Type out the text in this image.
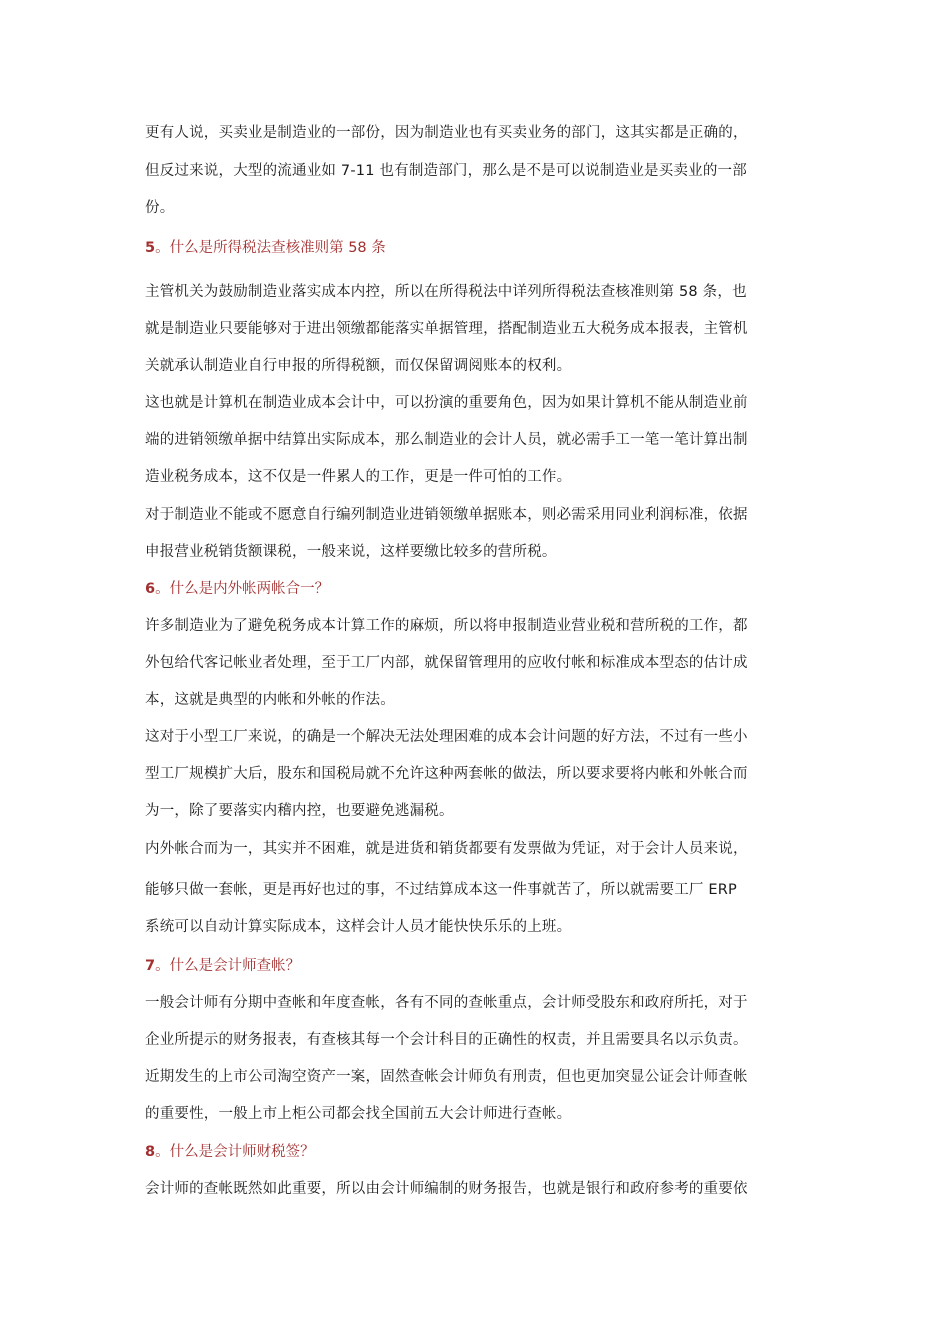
更有人说，买卖业是制造业的一部份，因为制造业也有买卖业务的部门，这其实都是正确的，
但反过来说，大型的流通业如 7-11 也有制造部门，那么是不是可以说制造业是买卖业的一部
份。

5。什么是所得税法查核准则第 58 条

主管机关为鼓励制造业落实成本内控，所以在所得税法中详列所得税法查核准则第 58 条，也
就是制造业只要能够对于进出领缴都能落实单据管理，搭配制造业五大税务成本报表，主管机
关就承认制造业自行申报的所得税额，而仅保留调阅账本的权利。

这也就是计算机在制造业成本会计中，可以扮演的重要角色，因为如果计算机不能从制造业前
端的进销领缴单据中结算出实际成本，那么制造业的会计人员，就必需手工一笔一笔计算出制
造业税务成本，这不仅是一件累人的工作，更是一件可怕的工作。

对于制造业不能或不愿意自行编列制造业进销领缴单据账本，则必需采用同业利润标准，依据
申报营业税销货额课税，一般来说，这样要缴比较多的营所税。

6。什么是内外帐两帐合一？

许多制造业为了避免税务成本计算工作的麻烦，所以将申报制造业营业税和营所税的工作，都
外包给代客记帐业者处理，至于工厂内部，就保留管理用的应收付帐和标准成本型态的估计成
本，这就是典型的内帐和外帐的作法。

这对于小型工厂来说，的确是一个解决无法处理困难的成本会计问题的好方法，不过有一些小
型工厂规模扩大后，股东和国税局就不允许这种两套帐的做法，所以要求要将内帐和外帐合而
为一，除了要落实内稽内控，也要避免逃漏税。

内外帐合而为一，其实并不困难，就是进货和销货都要有发票做为凭证，对于会计人员来说，
能够只做一套帐，更是再好也过的事，不过结算成本这一件事就苦了，所以就需要工厂 ERP
系统可以自动计算实际成本，这样会计人员才能快快乐乐的上班。

7。什么是会计师查帐？

一般会计师有分期中查帐和年度查帐，各有不同的查帐重点，会计师受股东和政府所托，对于
企业所提示的财务报表，有查核其每一个会计科目的正确性的权责，并且需要具名以示负责。

近期发生的上市公司淘空资产一案，固然查帐会计师负有刑责，但也更加突显公证会计师查帐
的重要性，一般上市上柜公司都会找全国前五大会计师进行查帐。

8。什么是会计师财税签？

会计师的查帐既然如此重要，所以由会计师编制的财务报告，也就是银行和政府参考的重要依
